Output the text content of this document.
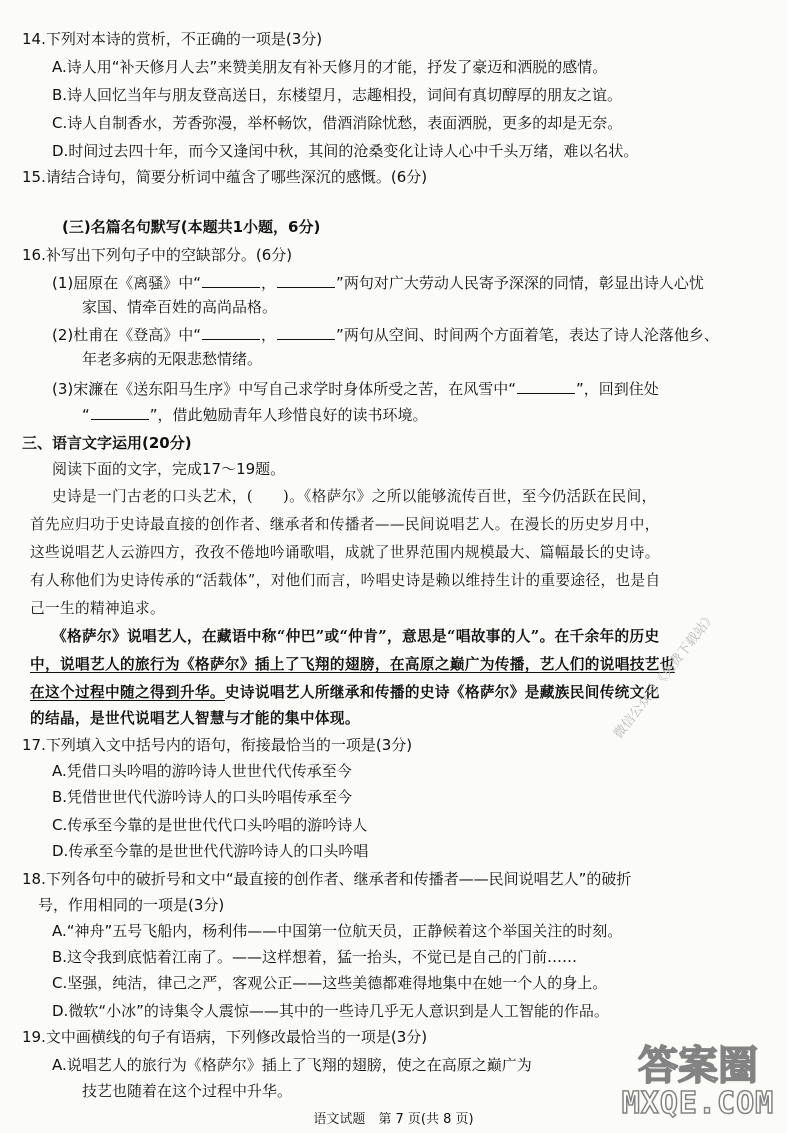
14.下列对本诗的赏析，不正确的一项是(3分)
A.诗人用“补天修月人去”来赞美朋友有补天修月的才能，抒发了豪迈和洒脱的感情。
B.诗人回忆当年与朋友登高送日，东楼望月，志趣相投，词间有真切醇厚的朋友之谊。
C.诗人自制香水，芳香弥漫，举杯畅饮，借酒消除忧愁，表面洒脱，更多的却是无奈。
D.时间过去四十年，而今又逢闰中秋，其间的沧桑变化让诗人心中千头万绪，难以名状。
15.请结合诗句，简要分析词中蕴含了哪些深沉的感慨。(6分)
(三)名篇名句默写(本题共1小题，6分)
16.补写出下列句子中的空缺部分。(6分)
(1)屈原在《离骚》中“	，	”两句对广大劳动人民寄予深深的同情，彰显出诗人心忧
家国、情牵百姓的高尚品格。
(2)杜甫在《登高》中“	，	”两句从空间、时间两个方面着笔，表达了诗人沦落他乡、
年老多病的无限悲愁情绪。
(3)宋濂在《送东阳马生序》中写自己求学时身体所受之苦，在风雪中“	”，回到住处
“	”，借此勉励青年人珍惜良好的读书环境。
三、语言文字运用(20分)
阅读下面的文字，完成17～19题。
史诗是一门古老的口头艺术，(　　)。《格萨尔》之所以能够流传百世，至今仍活跃在民间，
首先应归功于史诗最直接的创作者、继承者和传播者——民间说唱艺人。在漫长的历史岁月中，
这些说唱艺人云游四方，孜孜不倦地吟诵歌唱，成就了世界范围内规模最大、篇幅最长的史诗。
有人称他们为史诗传承的“活载体”，对他们而言，吟唱史诗是赖以维持生计的重要途径，也是自
己一生的精神追求。
《格萨尔》说唱艺人，在藏语中称“仲巴”或“仲肯”，意思是“唱故事的人”。在千余年的历史
中，说唱艺人的旅行为《格萨尔》插上了飞翔的翅膀，在高原之巅广为传播，艺人们的说唱技艺也
在这个过程中随之得到升华。史诗说唱艺人所继承和传播的史诗《格萨尔》是藏族民间传统文化
的结晶，是世代说唱艺人智慧与才能的集中体现。
17.下列填入文中括号内的语句，衔接最恰当的一项是(3分)
A.凭借口头吟唱的游吟诗人世世代代传承至今
B.凭借世世代代游吟诗人的口头吟唱传承至今
C.传承至今靠的是世世代代口头吟唱的游吟诗人
D.传承至今靠的是世世代代游吟诗人的口头吟唱
18.下列各句中的破折号和文中“最直接的创作者、继承者和传播者——民间说唱艺人”的破折
号，作用相同的一项是(3分)
A.“神舟”五号飞船内，杨利伟——中国第一位航天员，正静候着这个举国关注的时刻。
B.这令我到底惦着江南了。——这样想着，猛一抬头，不觉已是自己的门前……
C.坚强，纯洁，律己之严，客观公正——这些美德都难得地集中在她一个人的身上。
D.微软“小冰”的诗集令人震惊——其中的一些诗几乎无人意识到是人工智能的作品。
19.文中画横线的句子有语病，下列修改最恰当的一项是(3分)
A.说唱艺人的旅行为《格萨尔》插上了飞翔的翅膀，使之在高原之巅广为
技艺也随着在这个过程中升华。
语文试题　第 7 页(共 8 页)
微信公众号《免费下载站》
答案圈
MXQE.COM
